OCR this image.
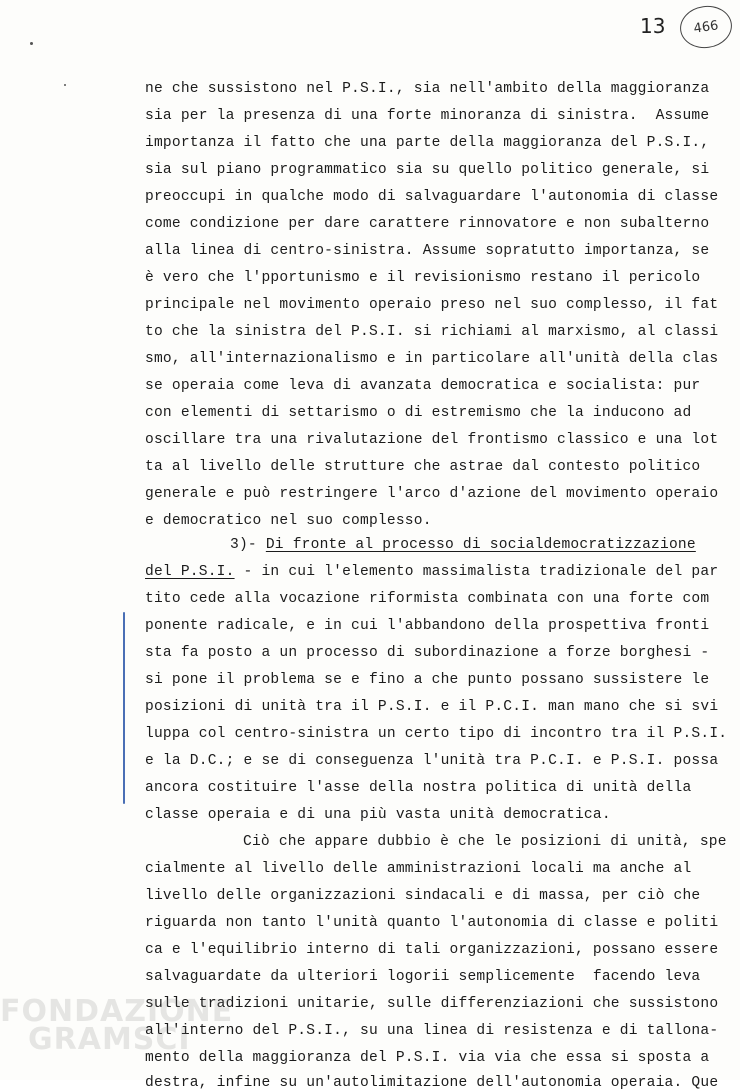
13 466
ne che sussistono nel P.S.I., sia nell'ambito della maggioranza
sia per la presenza di una forte minoranza di sinistra.  Assume
importanza il fatto che una parte della maggioranza del P.S.I.,
sia sul piano programmatico sia su quello politico generale, si
preoccupi in qualche modo di salvaguardare l'autonomia di classe
come condizione per dare carattere rinnovatore e non subalterno
alla linea di centro-sinistra. Assume sopratutto importanza, se
è vero che l'pportunismo e il revisionismo restano il pericolo
principale nel movimento operaio preso nel suo complesso, il fat
to che la sinistra del P.S.I. si richiami al marxismo, al classi
smo, all'internazionalismo e in particolare all'unità della clas
se operaia come leva di avanzata democratica e socialista: pur
con elementi di settarismo o di estremismo che la inducono ad
oscillare tra una rivalutazione del frontismo classico e una lot
ta al livello delle strutture che astrae dal contesto politico
generale e può restringere l'arco d'azione del movimento operaio
e democratico nel suo complesso.
3)- Di fronte al processo di socialdemocratizzazione
del P.S.I. - in cui l'elemento massimalista tradizionale del par
tito cede alla vocazione riformista combinata con una forte com
ponente radicale, e in cui l'abbandono della prospettiva fronti
sta fa posto a un processo di subordinazione a forze borghesi -
si pone il problema se e fino a che punto possano sussistere le
posizioni di unità tra il P.S.I. e il P.C.I. man mano che si svi
luppa col centro-sinistra un certo tipo di incontro tra il P.S.I.
e la D.C.; e se di conseguenza l'unità tra P.C.I. e P.S.I. possa
ancora costituire l'asse della nostra politica di unità della
classe operaia e di una più vasta unità democratica.
Ciò che appare dubbio è che le posizioni di unità, spe
cialmente al livello delle amministrazioni locali ma anche al
livello delle organizzazioni sindacali e di massa, per ciò che
riguarda non tanto l'unità quanto l'autonomia di classe e politi
ca e l'equilibrio interno di tali organizzazioni, possano essere
salvaguardate da ulteriori logorii semplicemente  facendo leva
sulle tradizioni unitarie, sulle differenziazioni che sussistono
all'interno del P.S.I., su una linea di resistenza e di tallona-
mento della maggioranza del P.S.I. via via che essa si sposta a
destra, infine su un'autolimitazione dell'autonomia operaia. Que
FONDAZIONE
GRAMSCI
